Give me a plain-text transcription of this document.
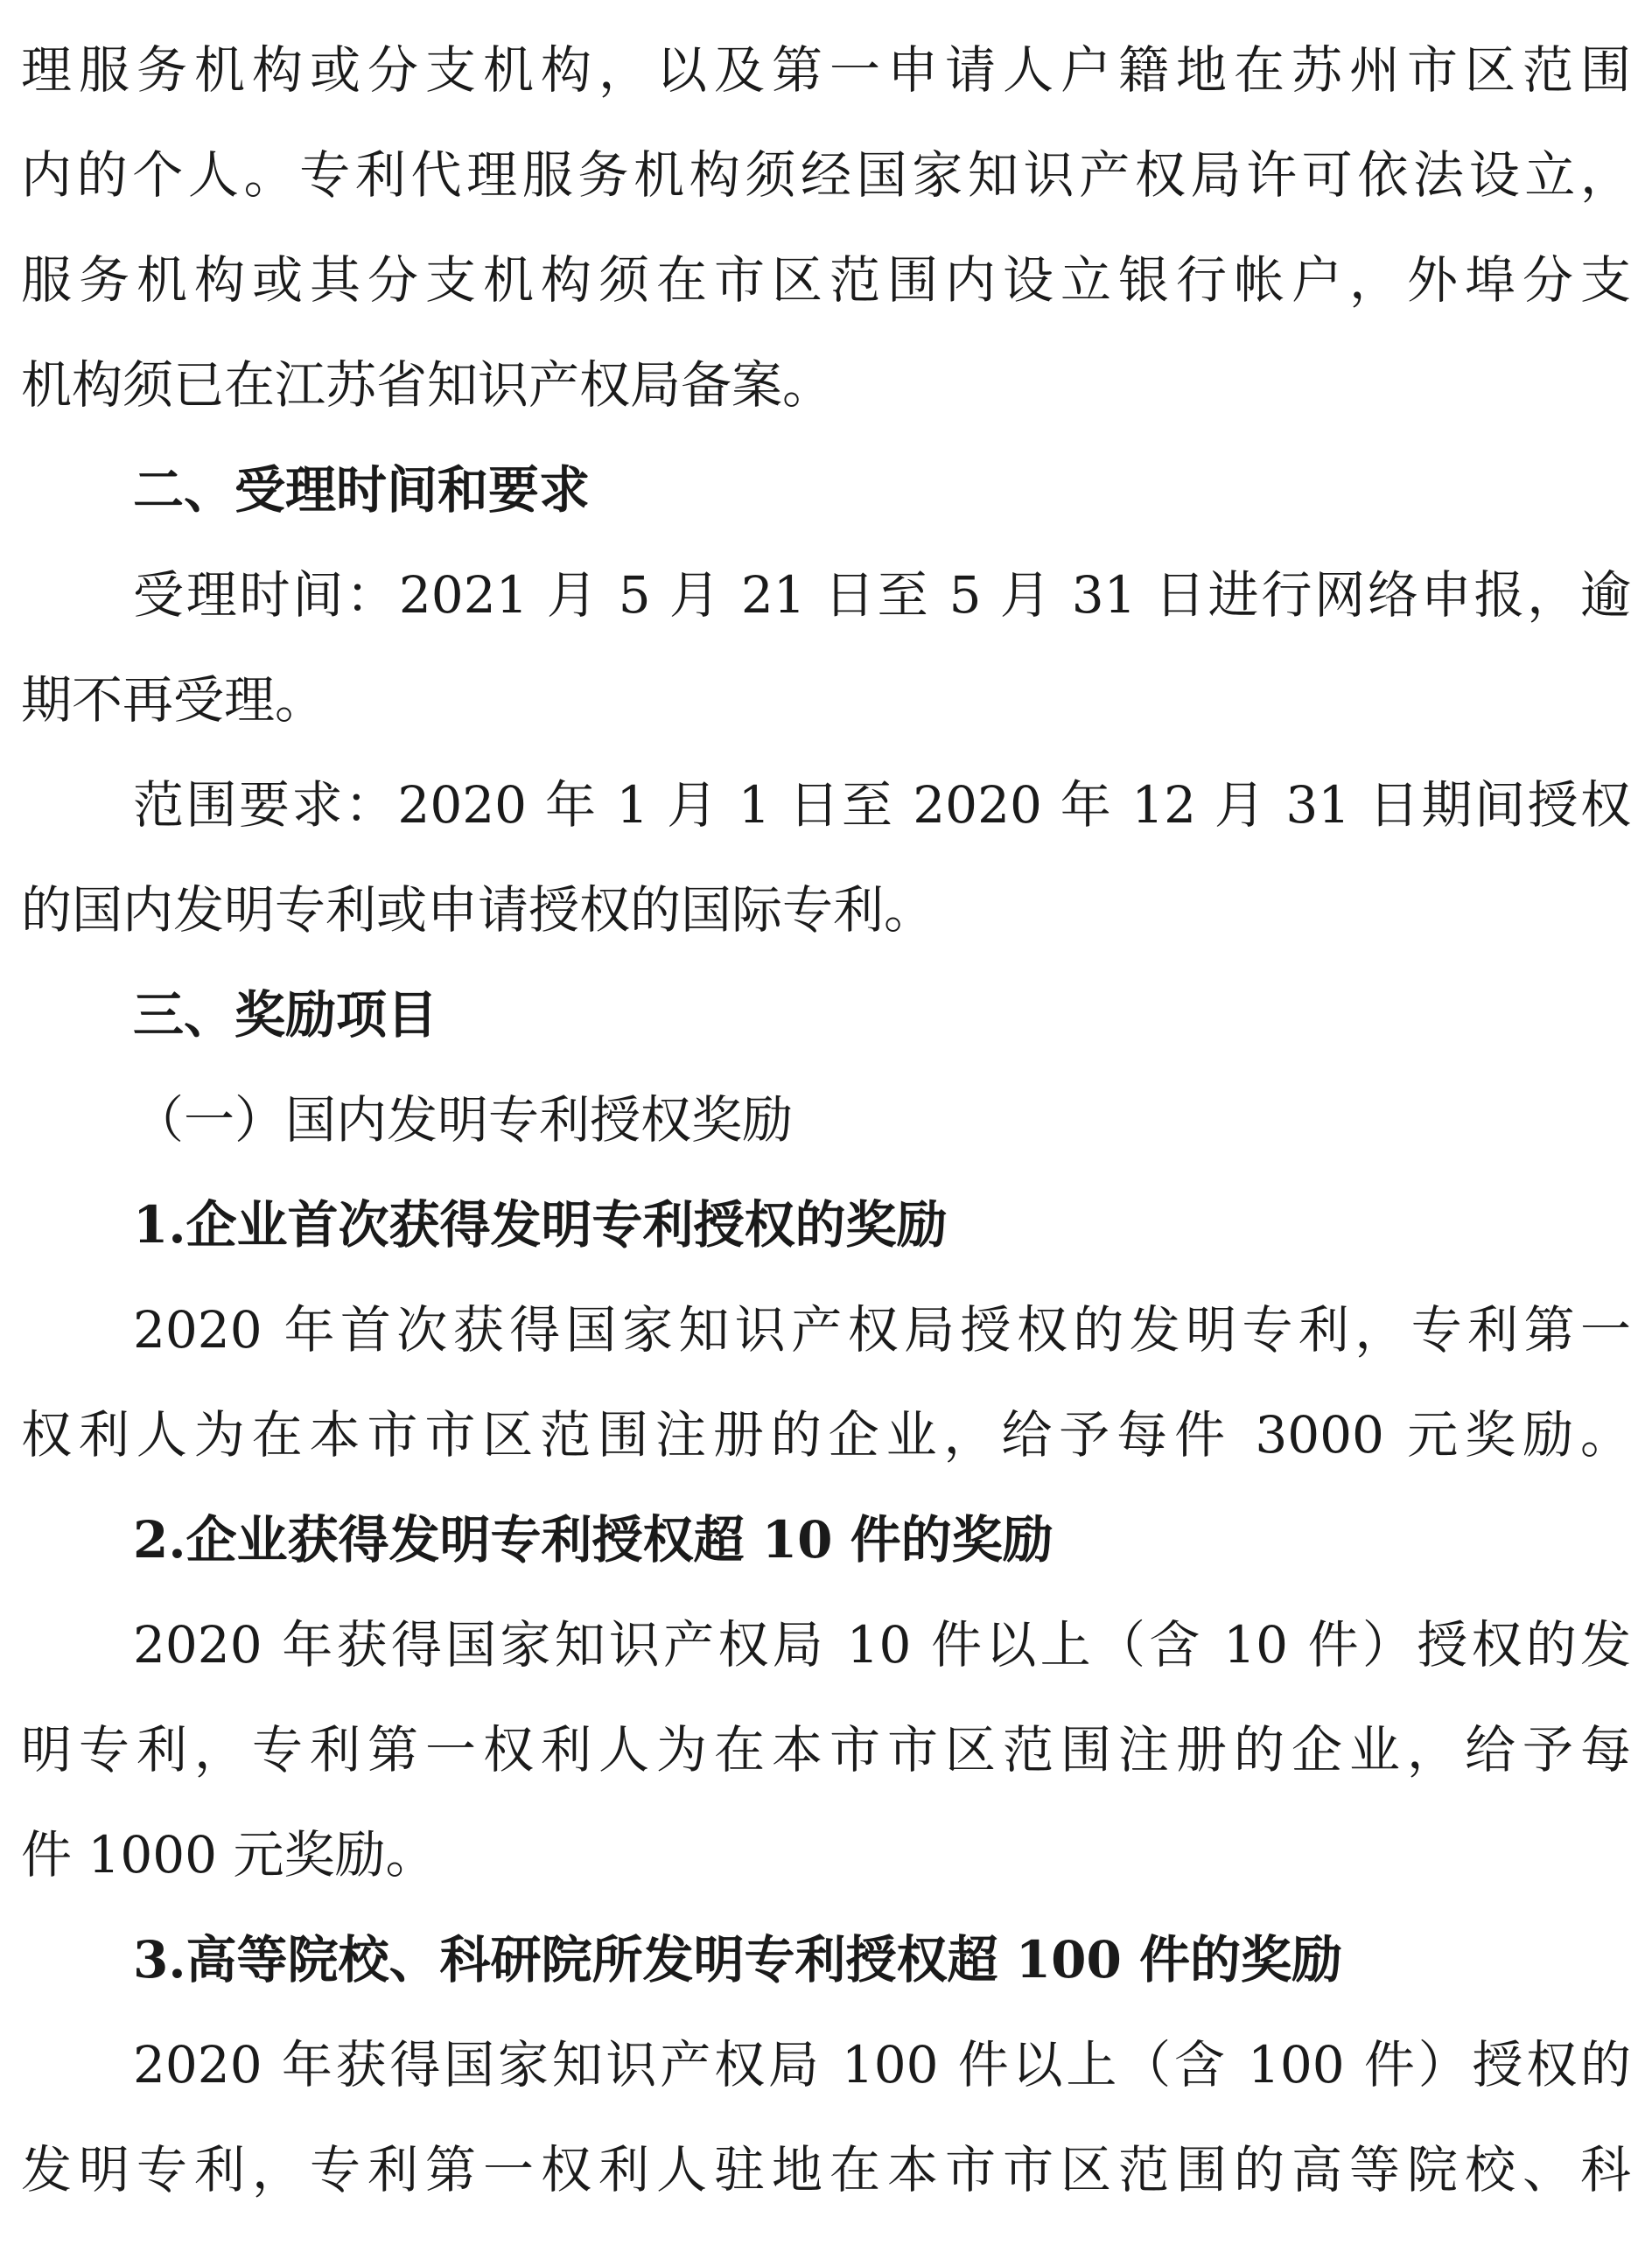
理服务机构或分支机构，以及第一申请人户籍地在苏州市区范围
内的个人。专利代理服务机构须经国家知识产权局许可依法设立，
服务机构或其分支机构须在市区范围内设立银行帐户，外埠分支
机构须已在江苏省知识产权局备案。
二、受理时间和要求
受理时间：2021 月 5 月 21 日至 5 月 31 日进行网络申报，逾
期不再受理。
范围要求：2020 年 1 月 1 日至 2020 年 12 月 31 日期间授权
的国内发明专利或申请授权的国际专利。
三、奖励项目
（一）国内发明专利授权奖励
1.企业首次获得发明专利授权的奖励
2020 年首次获得国家知识产权局授权的发明专利，专利第一
权利人为在本市市区范围注册的企业，给予每件 3000 元奖励。
2.企业获得发明专利授权超 10 件的奖励
2020 年获得国家知识产权局 10 件以上（含 10 件）授权的发
明专利，专利第一权利人为在本市市区范围注册的企业，给予每
件 1000 元奖励。
3.高等院校、科研院所发明专利授权超 100 件的奖励
2020 年获得国家知识产权局 100 件以上（含 100 件）授权的
发明专利，专利第一权利人驻地在本市市区范围的高等院校、科
